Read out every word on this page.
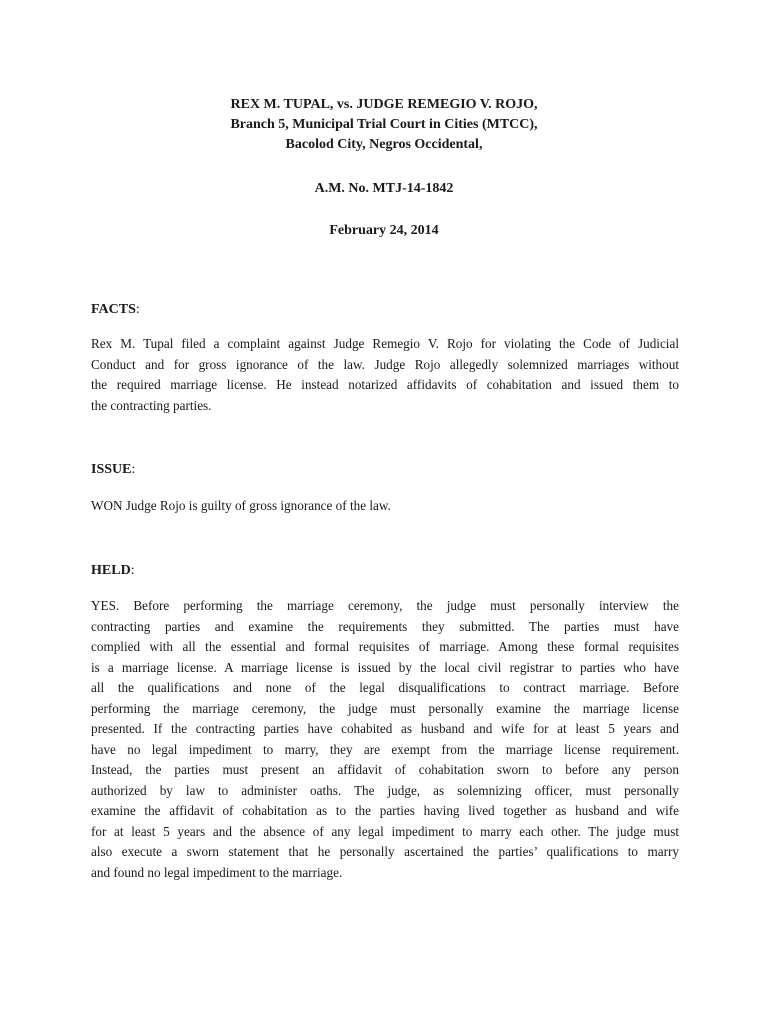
REX M. TUPAL, vs. JUDGE REMEGIO V. ROJO,
Branch 5, Municipal Trial Court in Cities (MTCC),
Bacolod City, Negros Occidental,
A.M. No. MTJ-14-1842
February 24, 2014
FACTS:
Rex M. Tupal filed a complaint against Judge Remegio V. Rojo for violating the Code of Judicial
Conduct and for gross ignorance of the law. Judge Rojo allegedly solemnized marriages without
the required marriage license. He instead notarized affidavits of cohabitation and issued them to
the contracting parties.
ISSUE:
WON Judge Rojo is guilty of gross ignorance of the law.
HELD:
YES. Before performing the marriage ceremony, the judge must personally interview the
contracting parties and examine the requirements they submitted. The parties must have
complied with all the essential and formal requisites of marriage. Among these formal requisites
is a marriage license. A marriage license is issued by the local civil registrar to parties who have
all the qualifications and none of the legal disqualifications to contract marriage. Before
performing the marriage ceremony, the judge must personally examine the marriage license
presented. If the contracting parties have cohabited as husband and wife for at least 5 years and
have no legal impediment to marry, they are exempt from the marriage license requirement.
Instead, the parties must present an affidavit of cohabitation sworn to before any person
authorized by law to administer oaths. The judge, as solemnizing officer, must personally
examine the affidavit of cohabitation as to the parties having lived together as husband and wife
for at least 5 years and the absence of any legal impediment to marry each other. The judge must
also execute a sworn statement that he personally ascertained the parties’ qualifications to marry
and found no legal impediment to the marriage.
